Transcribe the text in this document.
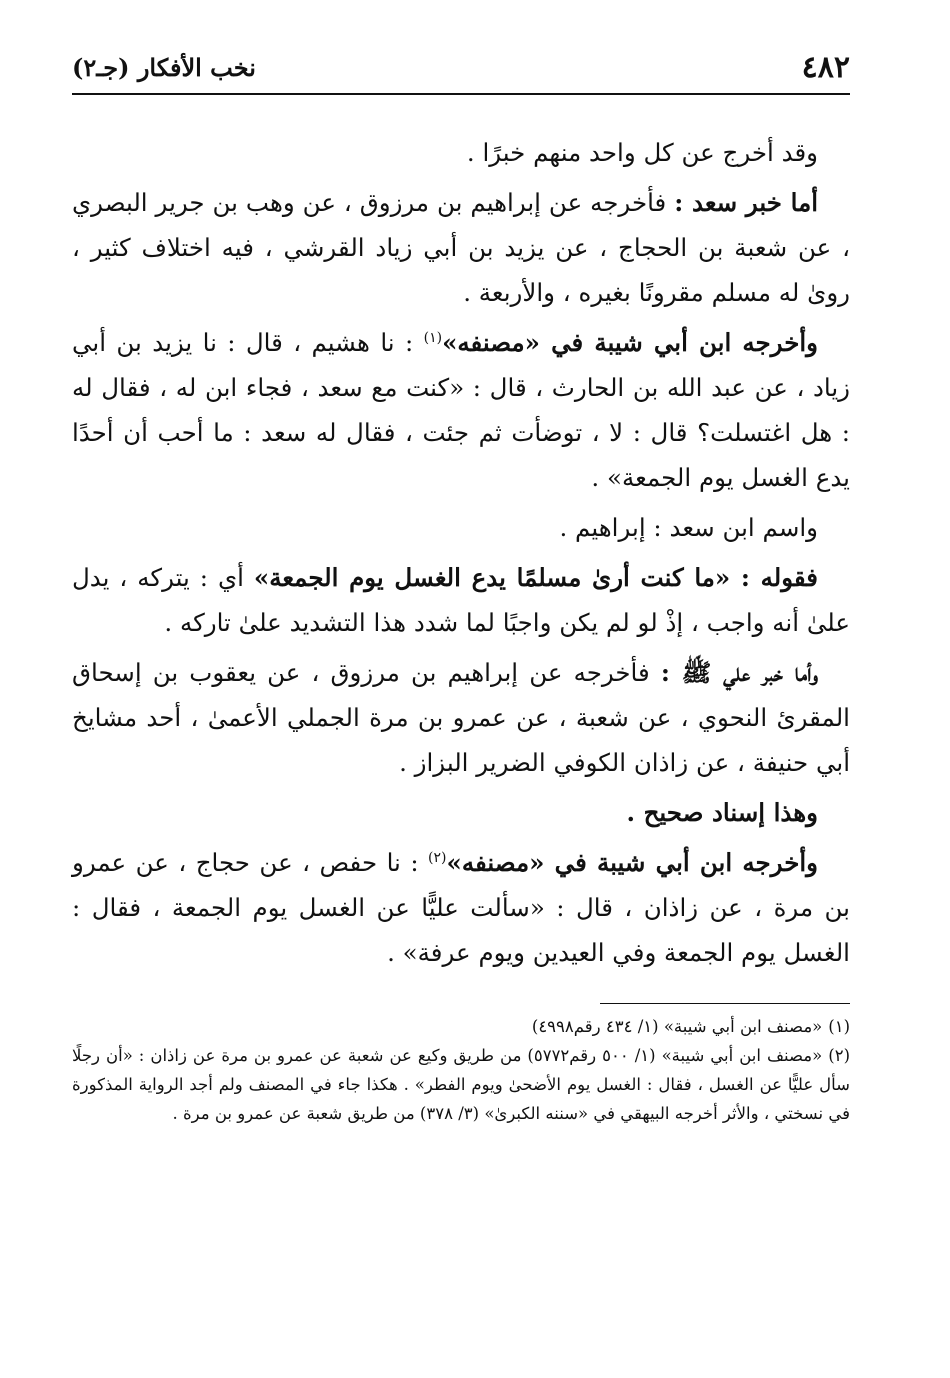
٤٨٢
نخب الأفكار (جـ٢)

وقد أخرج عن كل واحد منهم خبرًا .

أما خبر سعد : فأخرجه عن إبراهيم بن مرزوق ، عن وهب بن جرير البصري ، عن شعبة بن الحجاج ، عن يزيد بن أبي زياد القرشي ، فيه اختلاف كثير ، روىٰ له مسلم مقرونًا بغيره ، والأربعة .

وأخرجه ابن أبي شيبة في «مصنفه»$^{(١)}$ : نا هشيم ، قال : نا يزيد بن أبي زياد ، عن عبد الله بن الحارث ، قال : «كنت مع سعد ، فجاء ابن له ، فقال له : هل اغتسلت؟ قال : لا ، توضأت ثم جئت ، فقال له سعد : ما أحب أن أحدًا يدع الغسل يوم الجمعة» .

واسم ابن سعد : إبراهيم .

فقوله : «ما كنت أرىٰ مسلمًا يدع الغسل يوم الجمعة» أي : يتركه ، يدل علىٰ أنه واجب ، إذْ لو لم يكن واجبًا لما شدد هذا التشديد علىٰ تاركه .

وأما خبر علي ﷺ : فأخرجه عن إبراهيم بن مرزوق ، عن يعقوب بن إسحاق المقرئ النحوي ، عن شعبة ، عن عمرو بن مرة الجملي الأعمىٰ ، أحد مشايخ أبي حنيفة ، عن زاذان الكوفي الضرير البزاز .

وهذا إسناد صحيح .

وأخرجه ابن أبي شيبة في «مصنفه»$^{(٢)}$ : نا حفص ، عن حجاج ، عن عمرو بن مرة ، عن زاذان ، قال : «سألت عليًّا عن الغسل يوم الجمعة ، فقال : الغسل يوم الجمعة وفي العيدين ويوم عرفة» .

(١)«مصنف ابن أبي شيبة» (١/ ٤٣٤ رقم٤٩٩٨)

(٢)«مصنف ابن أبي شيبة» (١/ ٥٠٠ رقم٥٧٧٢) من طريق وكيع عن شعبة عن عمرو بن مرة عن زاذان : «أن رجلًا سأل عليًّا عن الغسل ، فقال : الغسل يوم الأضحىٰ ويوم الفطر» . هكذا جاء في المصنف ولم أجد الرواية المذكورة في نسختي ، والأثر أخرجه البيهقي في «سننه الكبرىٰ» (٣/ ٣٧٨) من طريق شعبة عن عمرو بن مرة .
